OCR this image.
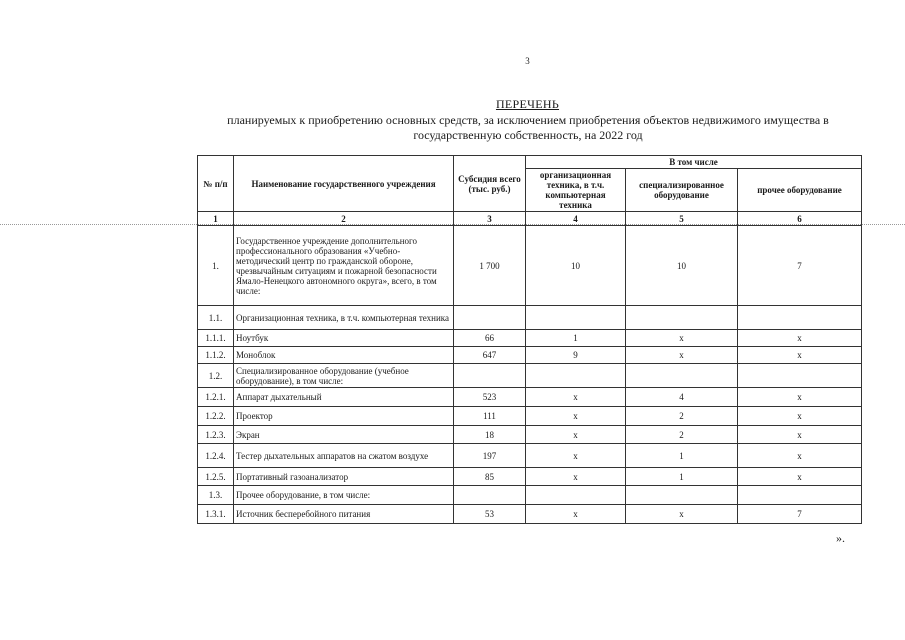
3
ПЕРЕЧЕНЬ
планируемых к приобретению основных средств, за исключением приобретения объектов недвижимого имущества в государственную собственность, на 2022 год
№ п/п	Наименование государственного учреждения	Субсидия всего (тыс. руб.)	В том числе		
			организационная техника, в т.ч. компьютерная техника	специализированное оборудование	прочее оборудование
1	2	3	4	5	6
1.	Государственное учреждение дополнительного профессионального образования «Учебно-методический центр по гражданской обороне, чрезвычайным ситуациям и пожарной безопасности Ямало-Ненецкого автономного округа», всего, в том числе:	1 700	10	10	7
1.1.	Организационная техника, в т.ч. компьютерная техника				
1.1.1.	Ноутбук	66	1	х	х
1.1.2.	Моноблок	647	9	х	х
1.2.	Специализированное оборудование (учебное оборудование), в том числе:				
1.2.1.	Аппарат дыхательный	523	х	4	х
1.2.2.	Проектор	111	х	2	х
1.2.3.	Экран	18	х	2	х
1.2.4.	Тестер дыхательных аппаратов на сжатом воздухе	197	х	1	х
1.2.5.	Портативный газоанализатор	85	х	1	х
1.3.	Прочее оборудование, в том числе:				
1.3.1.	Источник бесперебойного питания	53	х	х	7
».
